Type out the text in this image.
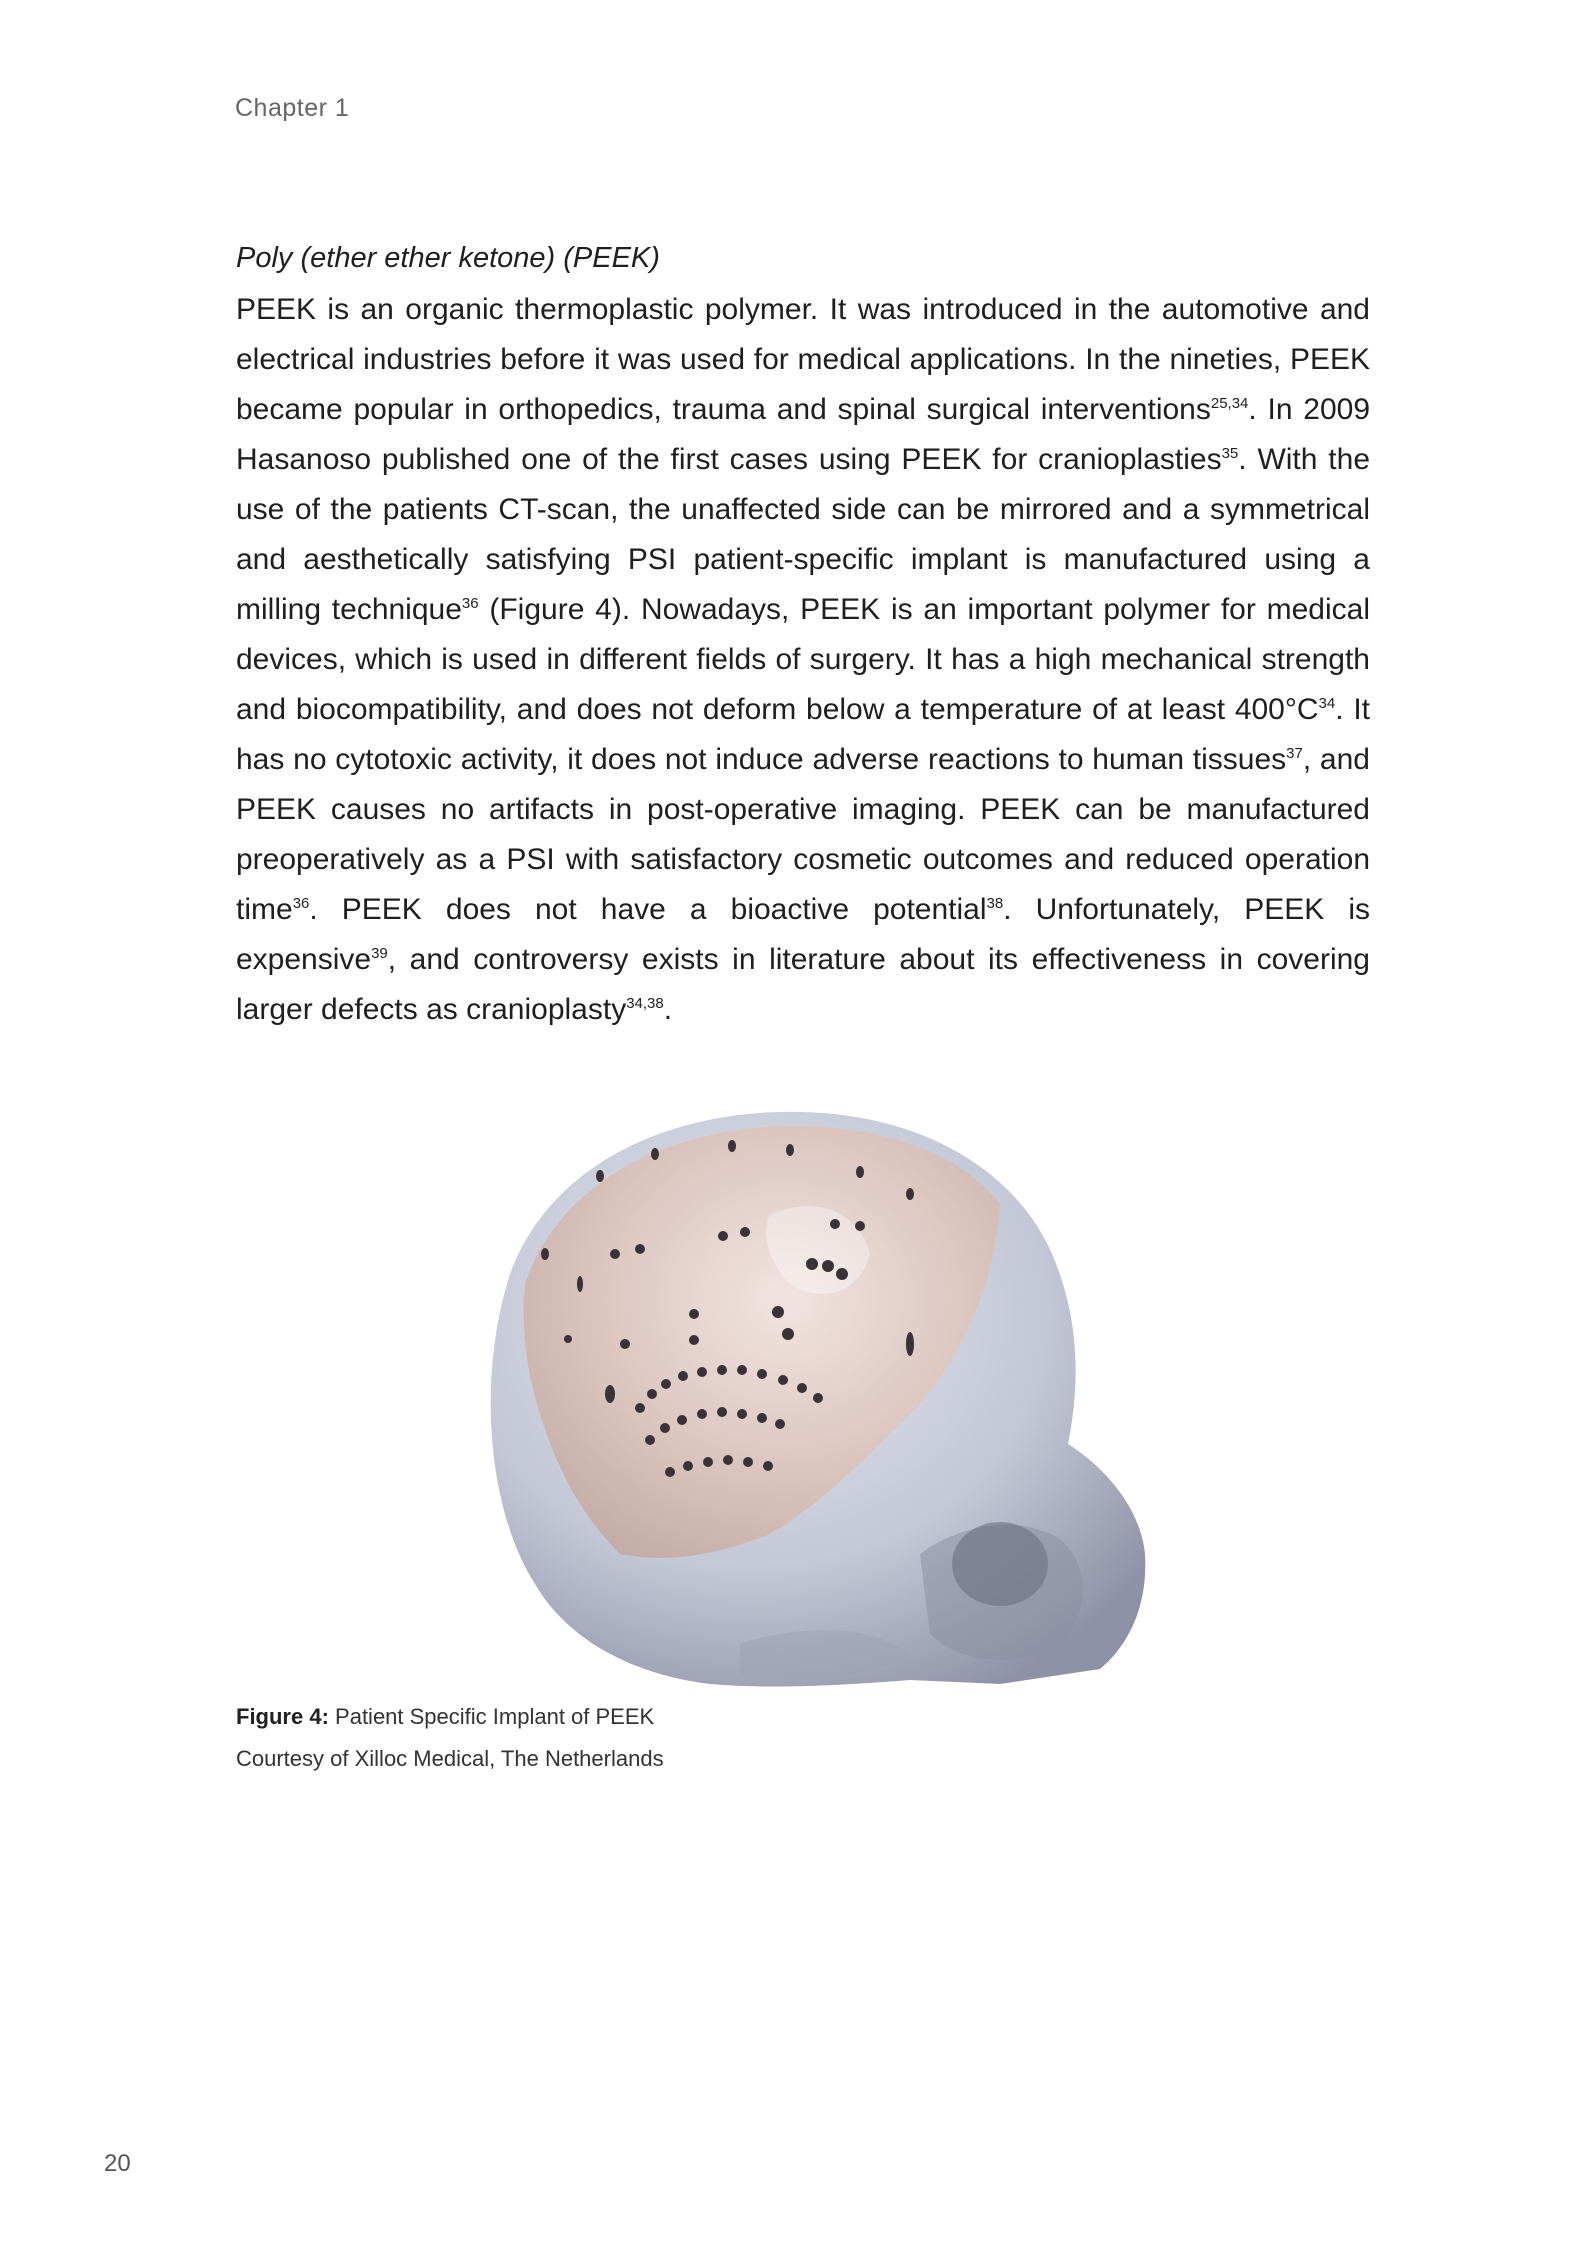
Chapter 1

Poly (ether ether ketone) (PEEK)

PEEK is an organic thermoplastic polymer. It was introduced in the automotive and electrical industries before it was used for medical applications. In the nineties, PEEK became popular in orthopedics, trauma and spinal surgical interventions$^{25,34}$. In 2009 Hasanoso published one of the first cases using PEEK for cranioplasties$^{35}$. With the use of the patients CT-scan, the unaffected side can be mirrored and a symmetrical and aesthetically satisfying PSI patient-specific implant is manufactured using a milling technique$^{36}$ (Figure 4). Nowadays, PEEK is an important polymer for medical devices, which is used in different fields of surgery. It has a high mechanical strength and biocompatibility, and does not deform below a temperature of at least $400^\circ C^{34}$. It has no cytotoxic activity, it does not induce adverse reactions to human tissues$^{37}$, and PEEK causes no artifacts in post-operative imaging. PEEK can be manufactured preoperatively as a PSI with satisfactory cosmetic outcomes and reduced operation time$^{36}$. PEEK does not have a bioactive potential$^{38}$. Unfortunately, PEEK is expensive$^{39}$, and controversy exists in literature about its effectiveness in covering larger defects as cranioplasty$^{34,38}$.

Figure 4: Patient Specific Implant of PEEK
Courtesy of Xilloc Medical, The Netherlands
20
